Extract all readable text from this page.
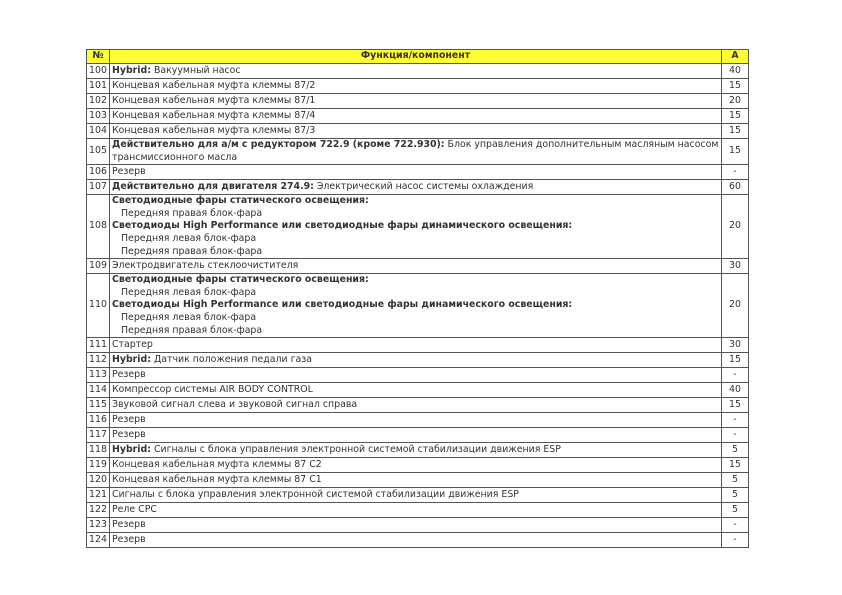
№	Функция/компонент	А
100	Hybrid: Вакуумный насос	40
101	Концевая кабельная муфта клеммы 87/2	15
102	Концевая кабельная муфта клеммы 87/1	20
103	Концевая кабельная муфта клеммы 87/4	15
104	Концевая кабельная муфта клеммы 87/3	15
105	Действительно для а/м с редуктором 722.9 (кроме 722.930): Блок управления дополнительным масляным насосом
трансмиссионного масла	15
106	Резерв	-
107	Действительно для двигателя 274.9: Электрический насос системы охлаждения	60
108	Светодиодные фары статического освещения:
Передняя правая блок-фара
Светодиоды High Performance или светодиодные фары динамического освещения:
Передняя левая блок-фара
Передняя правая блок-фара	20
109	Электродвигатель стеклоочистителя	30
110	Светодиодные фары статического освещения:
Передняя левая блок-фара
Светодиоды High Performance или светодиодные фары динамического освещения:
Передняя левая блок-фара
Передняя правая блок-фара	20
111	Стартер	30
112	Hybrid: Датчик положения педали газа	15
113	Резерв	-
114	Компрессор системы AIR BODY CONTROL	40
115	Звуковой сигнал слева и звуковой сигнал справа	15
116	Резерв	-
117	Резерв	-
118	Hybrid: Сигналы с блока управления электронной системой стабилизации движения ESP	5
119	Концевая кабельная муфта клеммы 87 C2	15
120	Концевая кабельная муфта клеммы 87 C1	5
121	Сигналы с блока управления электронной системой стабилизации движения ESP	5
122	Реле CPC	5
123	Резерв	-
124	Резерв	-
